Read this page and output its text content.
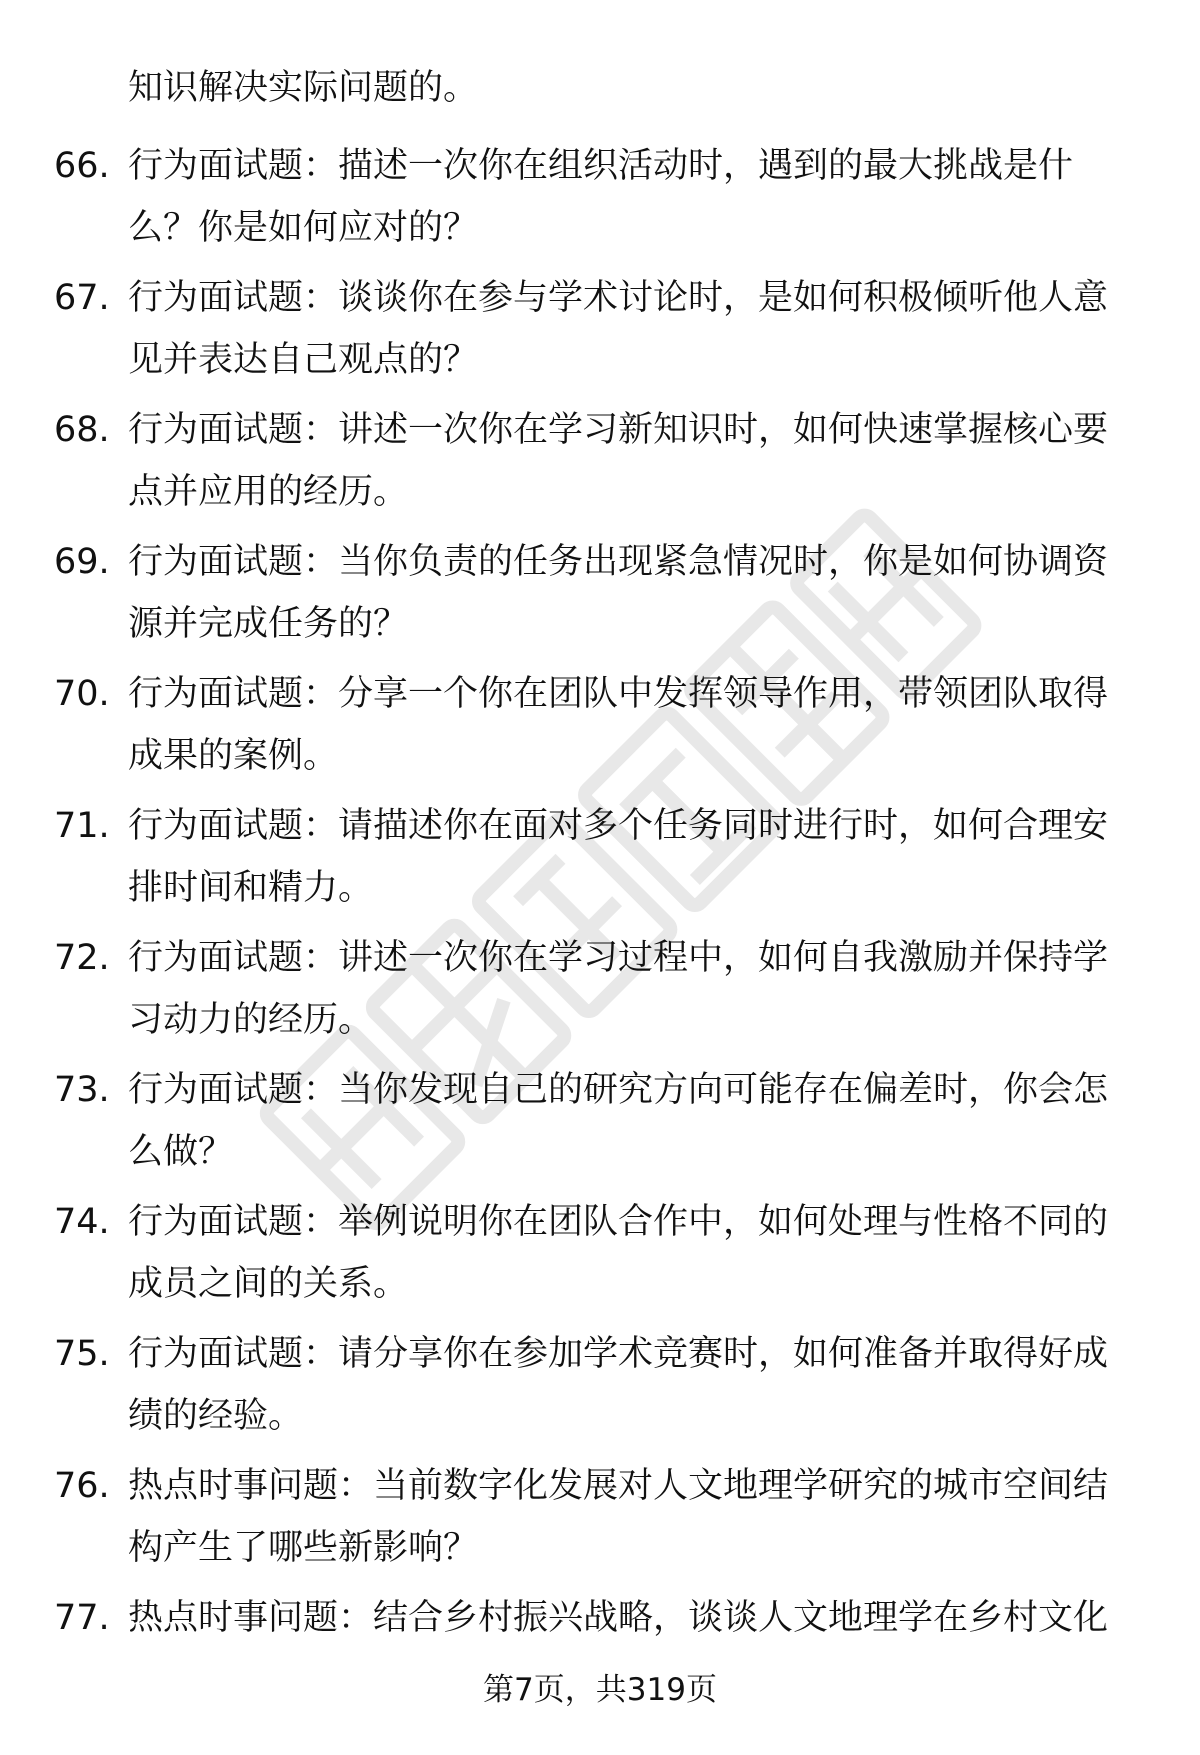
知识解决实际问题的。
66. 行为面试题：描述一次你在组织活动时，遇到的最大挑战是什
么？你是如何应对的？
67. 行为面试题：谈谈你在参与学术讨论时，是如何积极倾听他人意
见并表达自己观点的？
68. 行为面试题：讲述一次你在学习新知识时，如何快速掌握核心要
点并应用的经历。
69. 行为面试题：当你负责的任务出现紧急情况时，你是如何协调资
源并完成任务的？
70. 行为面试题：分享一个你在团队中发挥领导作用，带领团队取得
成果的案例。
71. 行为面试题：请描述你在面对多个任务同时进行时，如何合理安
排时间和精力。
72. 行为面试题：讲述一次你在学习过程中，如何自我激励并保持学
习动力的经历。
73. 行为面试题：当你发现自己的研究方向可能存在偏差时，你会怎
么做？
74. 行为面试题：举例说明你在团队合作中，如何处理与性格不同的
成员之间的关系。
75. 行为面试题：请分享你在参加学术竞赛时，如何准备并取得好成
绩的经验。
76. 热点时事问题：当前数字化发展对人文地理学研究的城市空间结
构产生了哪些新影响？
77. 热点时事问题：结合乡村振兴战略，谈谈人文地理学在乡村文化
第7页，共319页
